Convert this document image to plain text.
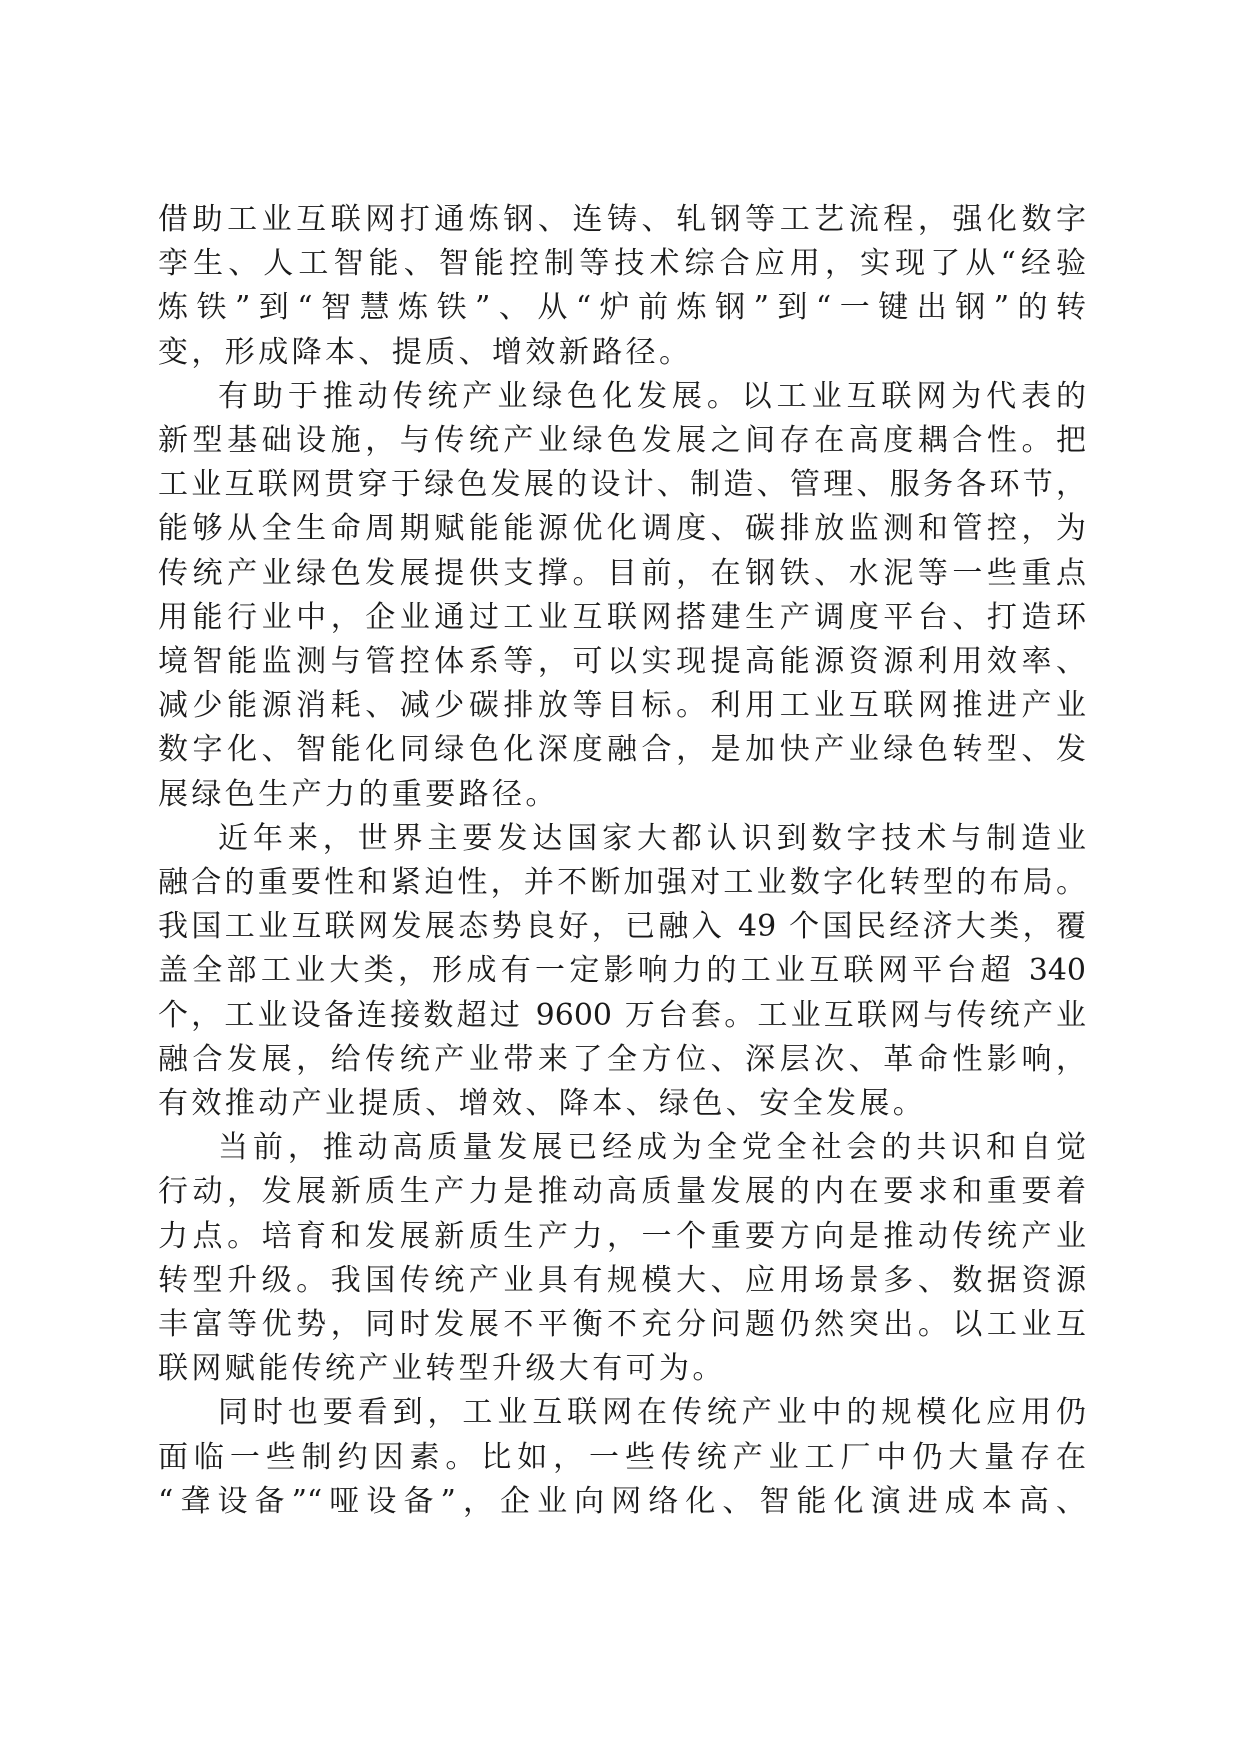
借助工业互联网打通炼钢、连铸、轧钢等工艺流程，强化数字
孪生、人工智能、智能控制等技术综合应用，实现了从“经验
炼铁”到“智慧炼铁”、从“炉前炼钢”到“一键出钢”的转
变，形成降本、提质、增效新路径。
有助于推动传统产业绿色化发展。以工业互联网为代表的
新型基础设施，与传统产业绿色发展之间存在高度耦合性。把
工业互联网贯穿于绿色发展的设计、制造、管理、服务各环节，
能够从全生命周期赋能能源优化调度、碳排放监测和管控，为
传统产业绿色发展提供支撑。目前，在钢铁、水泥等一些重点
用能行业中，企业通过工业互联网搭建生产调度平台、打造环
境智能监测与管控体系等，可以实现提高能源资源利用效率、
减少能源消耗、减少碳排放等目标。利用工业互联网推进产业
数字化、智能化同绿色化深度融合，是加快产业绿色转型、发
展绿色生产力的重要路径。
近年来，世界主要发达国家大都认识到数字技术与制造业
融合的重要性和紧迫性，并不断加强对工业数字化转型的布局。
我国工业互联网发展态势良好，已融入 49 个国民经济大类，覆
盖全部工业大类，形成有一定影响力的工业互联网平台超 340
个，工业设备连接数超过 9600 万台套。工业互联网与传统产业
融合发展，给传统产业带来了全方位、深层次、革命性影响，
有效推动产业提质、增效、降本、绿色、安全发展。
当前，推动高质量发展已经成为全党全社会的共识和自觉
行动，发展新质生产力是推动高质量发展的内在要求和重要着
力点。培育和发展新质生产力，一个重要方向是推动传统产业
转型升级。我国传统产业具有规模大、应用场景多、数据资源
丰富等优势，同时发展不平衡不充分问题仍然突出。以工业互
联网赋能传统产业转型升级大有可为。
同时也要看到，工业互联网在传统产业中的规模化应用仍
面临一些制约因素。比如，一些传统产业工厂中仍大量存在
“聋设备”“哑设备”，企业向网络化、智能化演进成本高、
